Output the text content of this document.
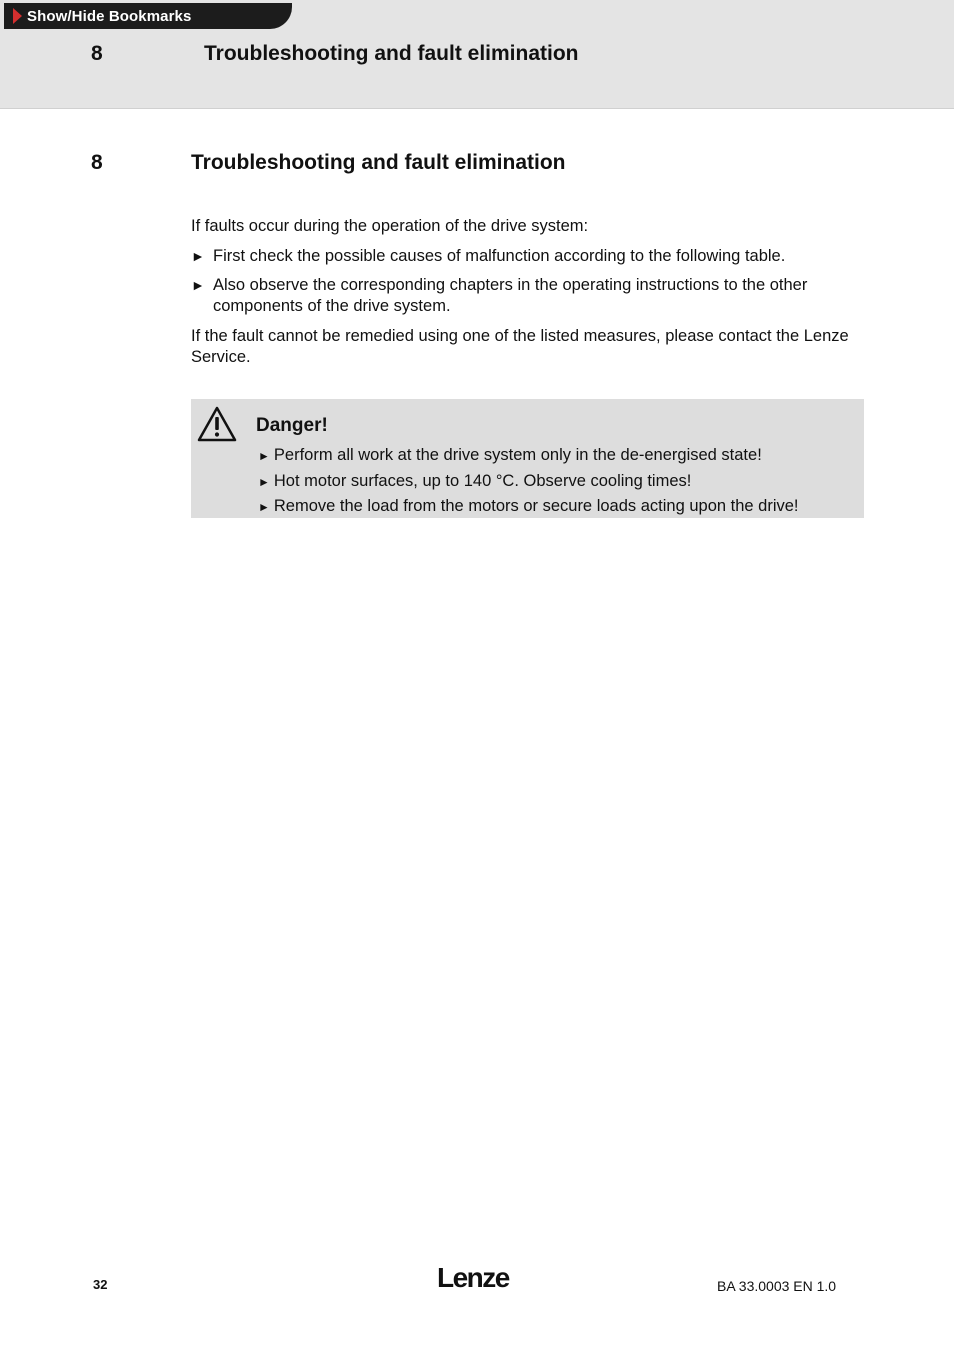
Show/Hide Bookmarks
8	Troubleshooting and fault elimination
8	Troubleshooting and fault elimination
If faults occur during the operation of the drive system:
► First check the possible causes of malfunction according to the following table.
► Also observe the corresponding chapters in the operating instructions to the other components of the drive system.
If the fault cannot be remedied using one of the listed measures, please contact the Lenze Service.
Danger!
► Perform all work at the drive system only in the de-energised state!
► Hot motor surfaces, up to 140 °C. Observe cooling times!
► Remove the load from the motors or secure loads acting upon the drive!
32	Lenze	BA 33.0003 EN 1.0
